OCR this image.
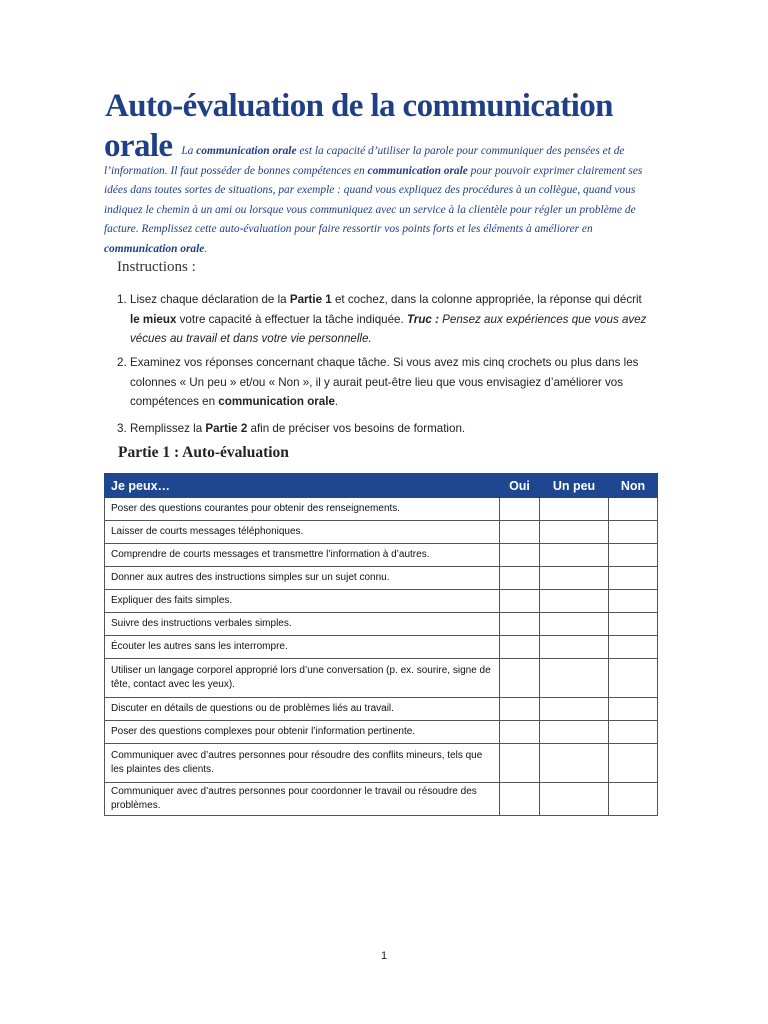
Auto-évaluation de la communication
orale La communication orale est la capacité d’utiliser la parole pour communiquer des pensées et de l’information. Il faut posséder de bonnes compétences en communication orale pour pouvoir exprimer clairement ses idées dans toutes sortes de situations, par exemple : quand vous expliquez des procédures à un collègue, quand vous indiquez le chemin à un ami ou lorsque vous communiquez avec un service à la clientèle pour régler un problème de facture. Remplissez cette auto-évaluation pour faire ressortir vos points forts et les éléments à améliorer en communication orale.
Instructions :
1. Lisez chaque déclaration de la Partie 1 et cochez, dans la colonne appropriée, la réponse qui décrit le mieux votre capacité à effectuer la tâche indiquée. Truc : Pensez aux expériences que vous avez vécues au travail et dans votre vie personnelle.
2. Examinez vos réponses concernant chaque tâche. Si vous avez mis cinq crochets ou plus dans les colonnes « Un peu » et/ou « Non », il y aurait peut-être lieu que vous envisagiez d’améliorer vos compétences en communication orale.
3. Remplissez la Partie 2 afin de préciser vos besoins de formation.
Partie 1 : Auto-évaluation
Je peux…	Oui	Un peu	Non
Poser des questions courantes pour obtenir des renseignements.			
Laisser de courts messages téléphoniques.			
Comprendre de courts messages et transmettre l’information à d’autres.			
Donner aux autres des instructions simples sur un sujet connu.			
Expliquer des faits simples.			
Suivre des instructions verbales simples.			
Écouter les autres sans les interrompre.			
Utiliser un langage corporel approprié lors d’une conversation (p. ex. sourire, signe de tête, contact avec les yeux).			
Discuter en détails de questions ou de problèmes liés au travail.			
Poser des questions complexes pour obtenir l’information pertinente.			
Communiquer avec d’autres personnes pour résoudre des conflits mineurs, tels que les plaintes des clients.			
Communiquer avec d’autres personnes pour coordonner le travail ou résoudre des problèmes.			
1
